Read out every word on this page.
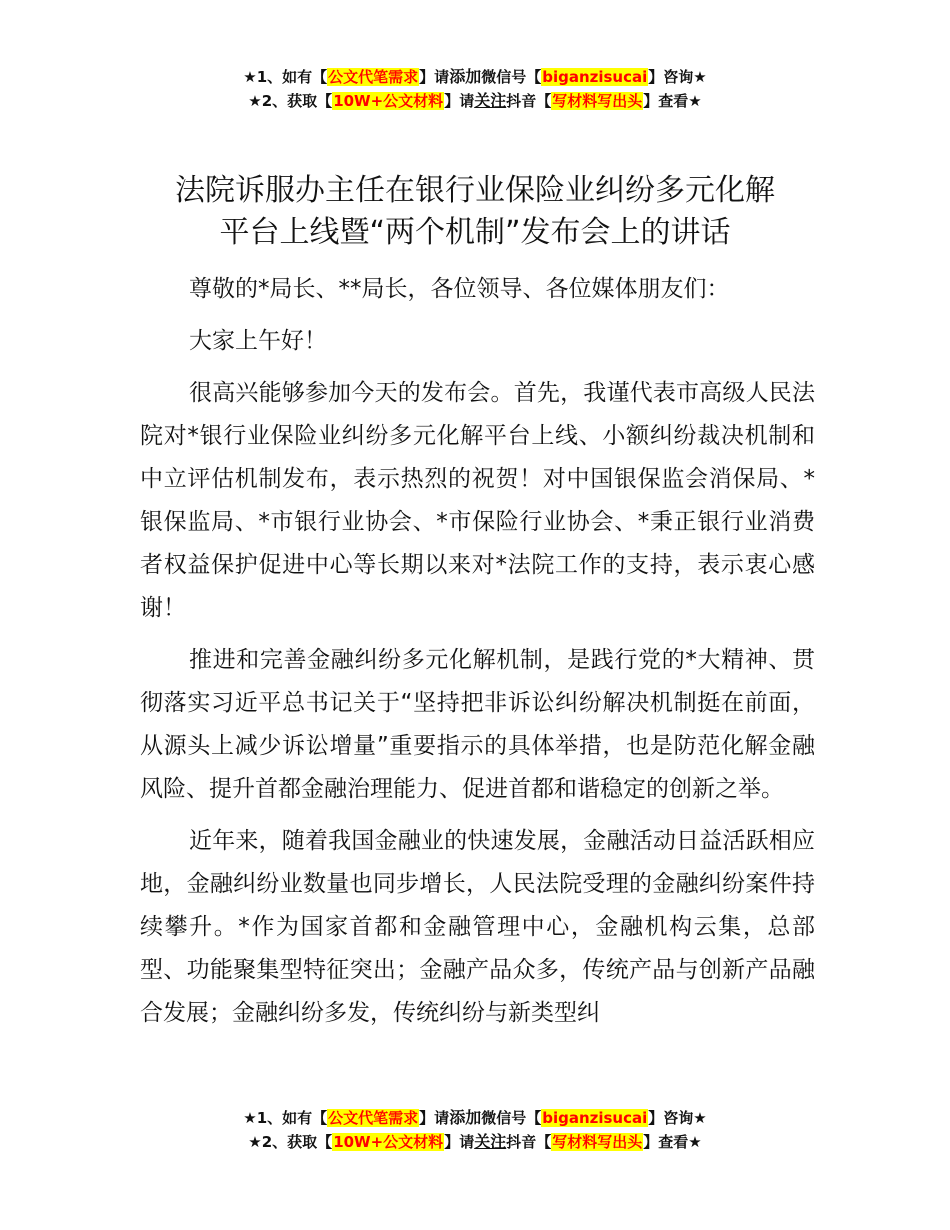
★1、如有【公文代笔需求】请添加微信号【biganzisucai】咨询★
★2、获取【10W+公文材料】请关注抖音【写材料写出头】查看★
法院诉服办主任在银行业保险业纠纷多元化解
平台上线暨“两个机制”发布会上的讲话

尊敬的*局长、**局长，各位领导、各位媒体朋友们：

大家上午好！

很高兴能够参加今天的发布会。首先，我谨代表市高级人民法院对*银行业保险业纠纷多元化解平台上线、小额纠纷裁决机制和中立评估机制发布，表示热烈的祝贺！对中国银保监会消保局、*银保监局、*市银行业协会、*市保险行业协会、*秉正银行业消费者权益保护促进中心等长期以来对*法院工作的支持，表示衷心感谢！

推进和完善金融纠纷多元化解机制，是践行党的*大精神、贯彻落实习近平总书记关于“坚持把非诉讼纠纷解决机制挺在前面，从源头上减少诉讼增量”重要指示的具体举措，也是防范化解金融风险、提升首都金融治理能力、促进首都和谐稳定的创新之举。

近年来，随着我国金融业的快速发展，金融活动日益活跃相应地，金融纠纷业数量也同步增长，人民法院受理的金融纠纷案件持续攀升。*作为国家首都和金融管理中心，金融机构云集，总部型、功能聚集型特征突出；金融产品众多，传统产品与创新产品融合发展；金融纠纷多发，传统纠纷与新类型纠

★1、如有【公文代笔需求】请添加微信号【biganzisucai】咨询★
★2、获取【10W+公文材料】请关注抖音【写材料写出头】查看★
